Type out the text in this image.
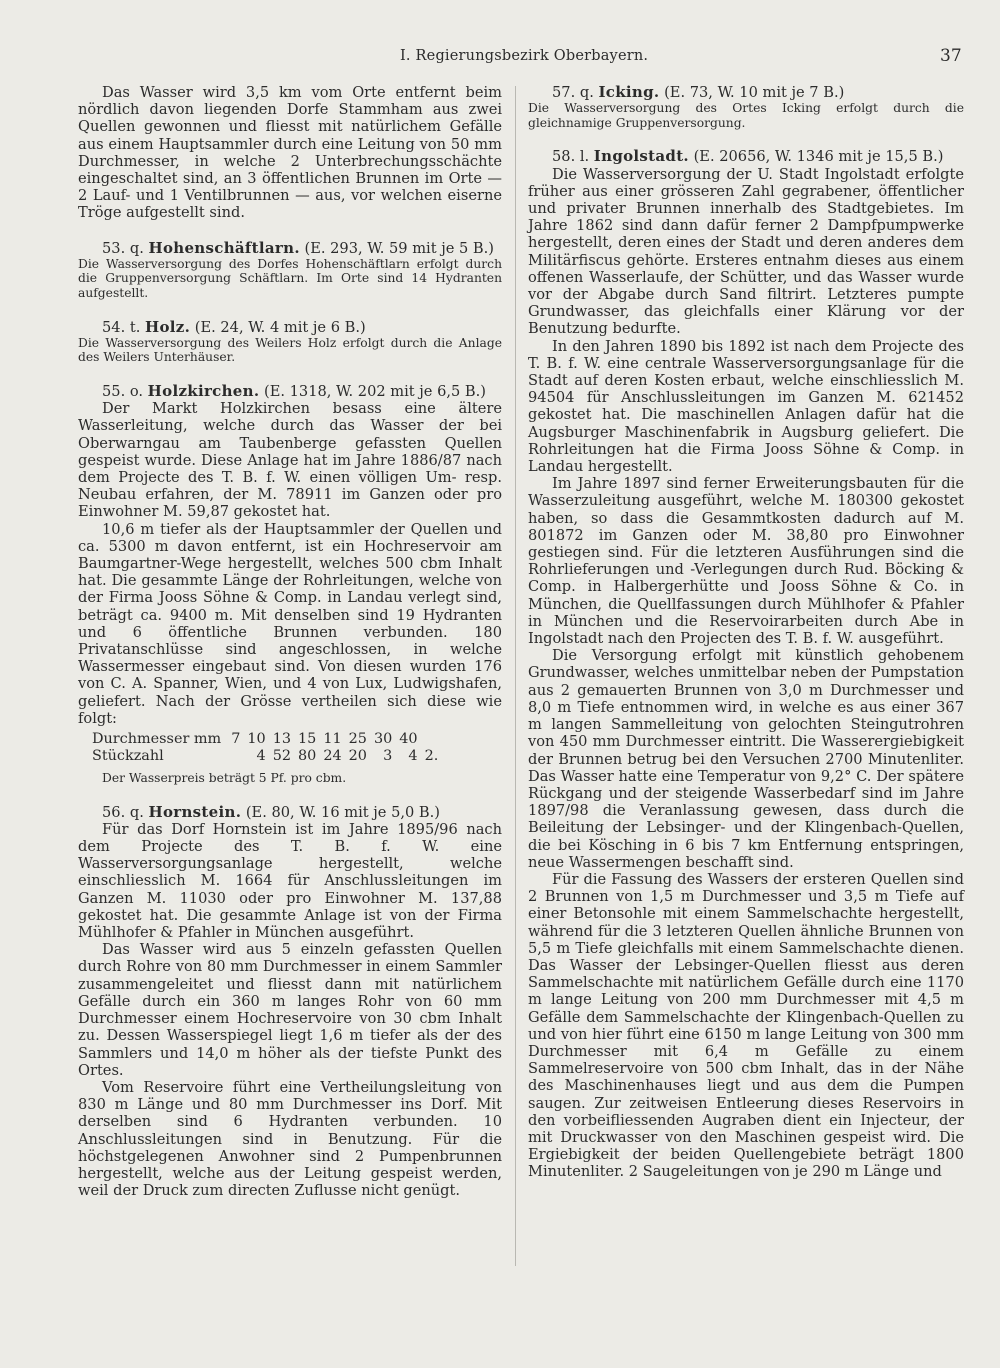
I. Regierungsbezirk Oberbayern.	37

Das Wasser wird 3,5 km vom Orte entfernt beim nördlich davon liegenden Dorfe Stammham aus zwei Quellen gewonnen und fliesst mit natürlichem Gefälle aus einem Hauptsammler durch eine Leitung von 50 mm Durchmesser, in welche 2 Unterbrechungsschächte eingeschaltet sind, an 3 öffentlichen Brunnen im Orte — 2 Lauf- und 1 Ventilbrunnen — aus, vor welchen eiserne Tröge aufgestellt sind.

53. q. Hohenschäftlarn. (E. 293, W. 59 mit je 5 B.)

Die Wasserversorgung des Dorfes Hohenschäftlarn erfolgt durch die Gruppenversorgung Schäftlarn. Im Orte sind 14 Hydranten aufgestellt.

54. t. Holz. (E. 24, W. 4 mit je 6 B.)

Die Wasserversorgung des Weilers Holz erfolgt durch die Anlage des Weilers Unterhäuser.

55. o. Holzkirchen. (E. 1318, W. 202 mit je 6,5 B.)

Der Markt Holzkirchen besass eine ältere Wasserleitung, welche durch das Wasser der bei Oberwarngau am Taubenberge gefassten Quellen gespeist wurde. Diese Anlage hat im Jahre 1886/87 nach dem Projecte des T. B. f. W. einen völligen Um- resp. Neubau erfahren, der M. 78911 im Ganzen oder pro Einwohner M. 59,87 gekostet hat.

10,6 m tiefer als der Hauptsammler der Quellen und ca. 5300 m davon entfernt, ist ein Hochreservoir am Baumgartner-Wege hergestellt, welches 500 cbm Inhalt hat. Die gesammte Länge der Rohrleitungen, welche von der Firma Jooss Söhne & Comp. in Landau verlegt sind, beträgt ca. 9400 m. Mit denselben sind 19 Hydranten und 6 öffentliche Brunnen verbunden. 180 Privatanschlüsse sind angeschlossen, in welche Wassermesser eingebaut sind. Von diesen wurden 176 von C. A. Spanner, Wien, und 4 von Lux, Ludwigshafen, geliefert. Nach der Grösse vertheilen sich diese wie folgt:

Durchmesser mm	7	10	13	15	11	25	30	40	
Stückzahl		4	52	80	24	20	3	4	2.

Der Wasserpreis beträgt 5 Pf. pro cbm.

56. q. Hornstein. (E. 80, W. 16 mit je 5,0 B.)

Für das Dorf Hornstein ist im Jahre 1895/96 nach dem Projecte des T. B. f. W. eine Wasserversorgungsanlage hergestellt, welche einschliesslich M. 1664 für Anschlussleitungen im Ganzen M. 11030 oder pro Einwohner M. 137,88 gekostet hat. Die gesammte Anlage ist von der Firma Mühlhofer & Pfahler in München ausgeführt.

Das Wasser wird aus 5 einzeln gefassten Quellen durch Rohre von 80 mm Durchmesser in einem Sammler zusammengeleitet und fliesst dann mit natürlichem Gefälle durch ein 360 m langes Rohr von 60 mm Durchmesser einem Hochreservoire von 30 cbm Inhalt zu. Dessen Wasserspiegel liegt 1,6 m tiefer als der des Sammlers und 14,0 m höher als der tiefste Punkt des Ortes.

Vom Reservoire führt eine Vertheilungsleitung von 830 m Länge und 80 mm Durchmesser ins Dorf. Mit derselben sind 6 Hydranten verbunden. 10 Anschlussleitungen sind in Benutzung. Für die höchstgelegenen Anwohner sind 2 Pumpenbrunnen hergestellt, welche aus der Leitung gespeist werden, weil der Druck zum directen Zuflusse nicht genügt.

57. q. Icking. (E. 73, W. 10 mit je 7 B.)

Die Wasserversorgung des Ortes Icking erfolgt durch die gleichnamige Gruppenversorgung.

58. l. Ingolstadt. (E. 20656, W. 1346 mit je 15,5 B.)

Die Wasserversorgung der U. Stadt Ingolstadt erfolgte früher aus einer grösseren Zahl gegrabener, öffentlicher und privater Brunnen innerhalb des Stadtgebietes. Im Jahre 1862 sind dann dafür ferner 2 Dampfpumpwerke hergestellt, deren eines der Stadt und deren anderes dem Militärfiscus gehörte. Ersteres entnahm dieses aus einem offenen Wasserlaufe, der Schütter, und das Wasser wurde vor der Abgabe durch Sand filtrirt. Letzteres pumpte Grundwasser, das gleichfalls einer Klärung vor der Benutzung bedurfte.

In den Jahren 1890 bis 1892 ist nach dem Projecte des T. B. f. W. eine centrale Wasserversorgungsanlage für die Stadt auf deren Kosten erbaut, welche einschliesslich M. 94504 für Anschlussleitungen im Ganzen M. 621452 gekostet hat. Die maschinellen Anlagen dafür hat die Augsburger Maschinenfabrik in Augsburg geliefert. Die Rohrleitungen hat die Firma Jooss Söhne & Comp. in Landau hergestellt.

Im Jahre 1897 sind ferner Erweiterungsbauten für die Wasserzuleitung ausgeführt, welche M. 180300 gekostet haben, so dass die Gesammtkosten dadurch auf M. 801872 im Ganzen oder M. 38,80 pro Einwohner gestiegen sind. Für die letzteren Ausführungen sind die Rohrlieferungen und -Verlegungen durch Rud. Böcking & Comp. in Halbergerhütte und Jooss Söhne & Co. in München, die Quellfassungen durch Mühlhofer & Pfahler in München und die Reservoirarbeiten durch Abe in Ingolstadt nach den Projecten des T. B. f. W. ausgeführt.

Die Versorgung erfolgt mit künstlich gehobenem Grundwasser, welches unmittelbar neben der Pumpstation aus 2 gemauerten Brunnen von 3,0 m Durchmesser und 8,0 m Tiefe entnommen wird, in welche es aus einer 367 m langen Sammelleitung von gelochten Steingutrohren von 450 mm Durchmesser eintritt. Die Wasserergiebigkeit der Brunnen betrug bei den Versuchen 2700 Minutenliter. Das Wasser hatte eine Temperatur von 9,2° C. Der spätere Rückgang und der steigende Wasserbedarf sind im Jahre 1897/98 die Veranlassung gewesen, dass durch die Beileitung der Lebsinger- und der Klingenbach-Quellen, die bei Kösching in 6 bis 7 km Entfernung entspringen, neue Wassermengen beschafft sind.

Für die Fassung des Wassers der ersteren Quellen sind 2 Brunnen von 1,5 m Durchmesser und 3,5 m Tiefe auf einer Betonsohle mit einem Sammelschachte hergestellt, während für die 3 letzteren Quellen ähnliche Brunnen von 5,5 m Tiefe gleichfalls mit einem Sammelschachte dienen. Das Wasser der Lebsinger-Quellen fliesst aus deren Sammelschachte mit natürlichem Gefälle durch eine 1170 m lange Leitung von 200 mm Durchmesser mit 4,5 m Gefälle dem Sammelschachte der Klingenbach-Quellen zu und von hier führt eine 6150 m lange Leitung von 300 mm Durchmesser mit 6,4 m Gefälle zu einem Sammelreservoire von 500 cbm Inhalt, das in der Nähe des Maschinenhauses liegt und aus dem die Pumpen saugen. Zur zeitweisen Entleerung dieses Reservoirs in den vorbeifliessenden Augraben dient ein Injecteur, der mit Druckwasser von den Maschinen gespeist wird. Die Ergiebigkeit der beiden Quellengebiete beträgt 1800 Minutenliter. 2 Saugeleitungen von je 290 m Länge und
